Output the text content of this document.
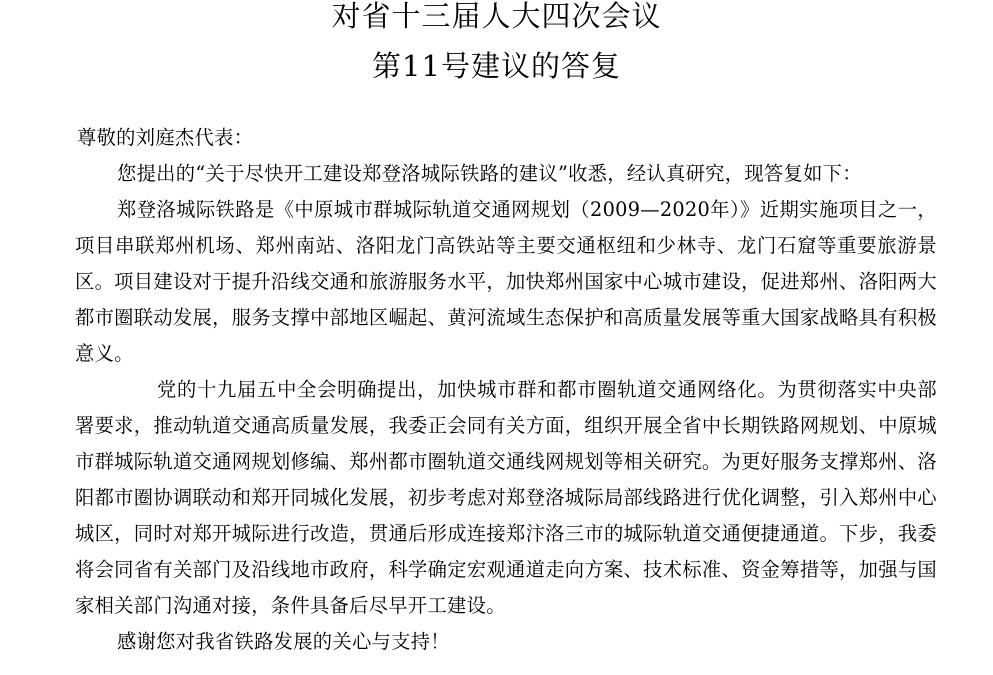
对省十三届人大四次会议
第11号建议的答复

尊敬的刘庭杰代表：

您提出的“关于尽快开工建设郑登洛城际铁路的建议”收悉，经认真研究，现答复如下：

郑登洛城际铁路是《中原城市群城际轨道交通网规划（2009—2020年）》近期实施项目之一，项目串联郑州机场、郑州南站、洛阳龙门高铁站等主要交通枢纽和少林寺、龙门石窟等重要旅游景区。项目建设对于提升沿线交通和旅游服务水平，加快郑州国家中心城市建设，促进郑州、洛阳两大都市圈联动发展，服务支撑中部地区崛起、黄河流域生态保护和高质量发展等重大国家战略具有积极意义。

党的十九届五中全会明确提出，加快城市群和都市圈轨道交通网络化。为贯彻落实中央部署要求，推动轨道交通高质量发展，我委正会同有关方面，组织开展全省中长期铁路网规划、中原城市群城际轨道交通网规划修编、郑州都市圈轨道交通线网规划等相关研究。为更好服务支撑郑州、洛阳都市圈协调联动和郑开同城化发展，初步考虑对郑登洛城际局部线路进行优化调整，引入郑州中心城区，同时对郑开城际进行改造，贯通后形成连接郑汴洛三市的城际轨道交通便捷通道。下步，我委将会同省有关部门及沿线地市政府，科学确定宏观通道走向方案、技术标准、资金筹措等，加强与国家相关部门沟通对接，条件具备后尽早开工建设。

感谢您对我省铁路发展的关心与支持！
